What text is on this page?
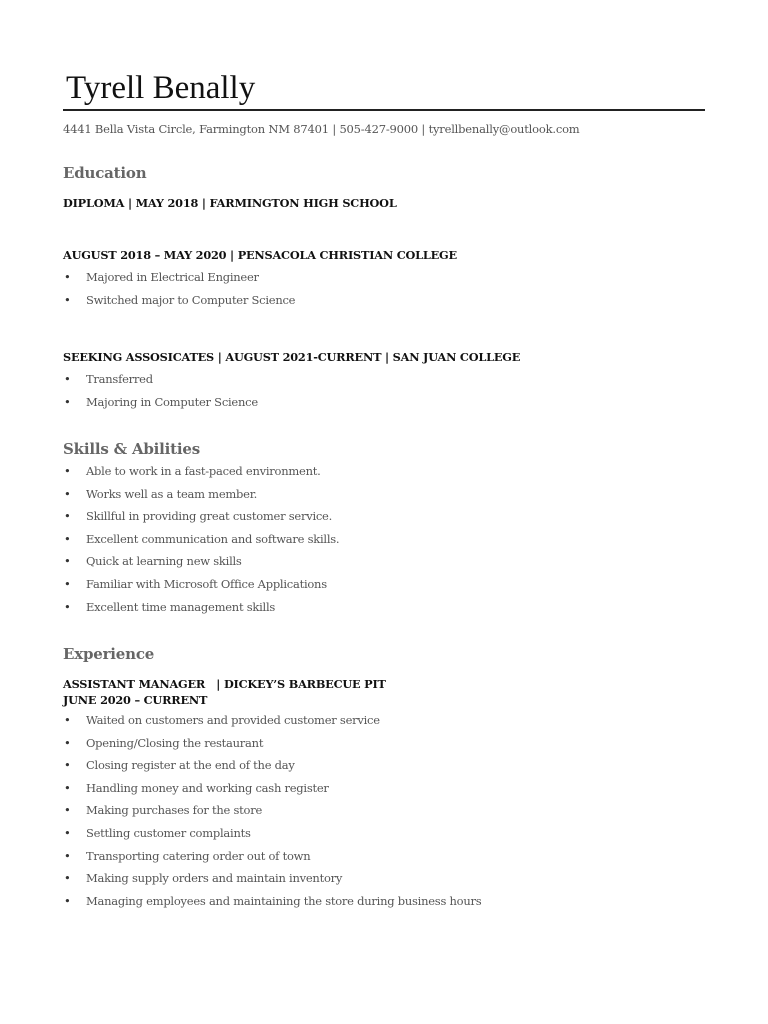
Tyrell Benally
4441 Bella Vista Circle, Farmington NM 87401 | 505-427-9000 | tyrellbenally@outlook.com
Education
DIPLOMA | MAY 2018 | FARMINGTON HIGH SCHOOL
AUGUST 2018 – MAY 2020 | PENSACOLA CHRISTIAN COLLEGE
• Majored in Electrical Engineer
• Switched major to Computer Science
SEEKING ASSOSICATES | AUGUST 2021-CURRENT | SAN JUAN COLLEGE
• Transferred
• Majoring in Computer Science
Skills & Abilities
• Able to work in a fast-paced environment.
• Works well as a team member.
• Skillful in providing great customer service.
• Excellent communication and software skills.
• Quick at learning new skills
• Familiar with Microsoft Office Applications
• Excellent time management skills
Experience
ASSISTANT MANAGER   | DICKEY’S BARBECUE PIT
JUNE 2020 – CURRENT
• Waited on customers and provided customer service
• Opening/Closing the restaurant
• Closing register at the end of the day
• Handling money and working cash register
• Making purchases for the store
• Settling customer complaints
• Transporting catering order out of town
• Making supply orders and maintain inventory
• Managing employees and maintaining the store during business hours
